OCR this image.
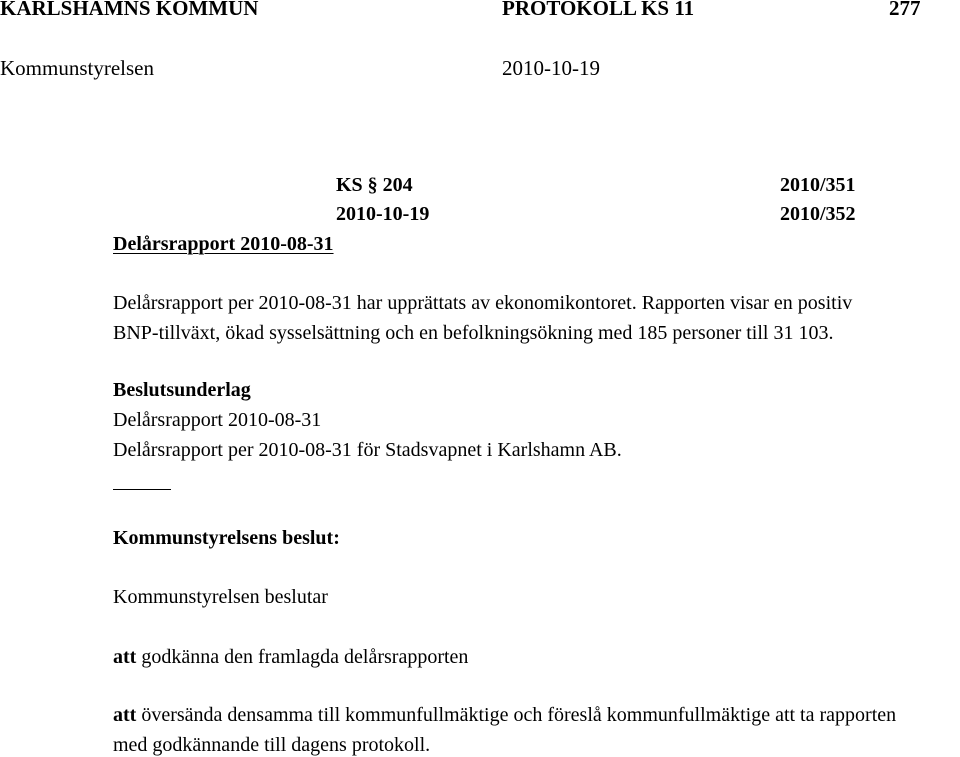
KARLSHAMNS KOMMUN	PROTOKOLL KS 11	277
Kommunstyrelsen	2010-10-19
KS § 204	2010/351
2010-10-19	2010/352
Delårsrapport 2010-08-31
Delårsrapport per 2010-08-31 har upprättats av ekonomikontoret. Rapporten visar en positiv
BNP-tillväxt, ökad sysselsättning och en befolkningsökning med 185 personer till 31 103.
Beslutsunderlag
Delårsrapport 2010-08-31
Delårsrapport per 2010-08-31 för Stadsvapnet i Karlshamn AB.
Kommunstyrelsens beslut:
Kommunstyrelsen beslutar
att godkänna den framlagda delårsrapporten
att översända densamma till kommunfullmäktige och föreslå kommunfullmäktige att ta rapporten
med godkännande till dagens protokoll.
